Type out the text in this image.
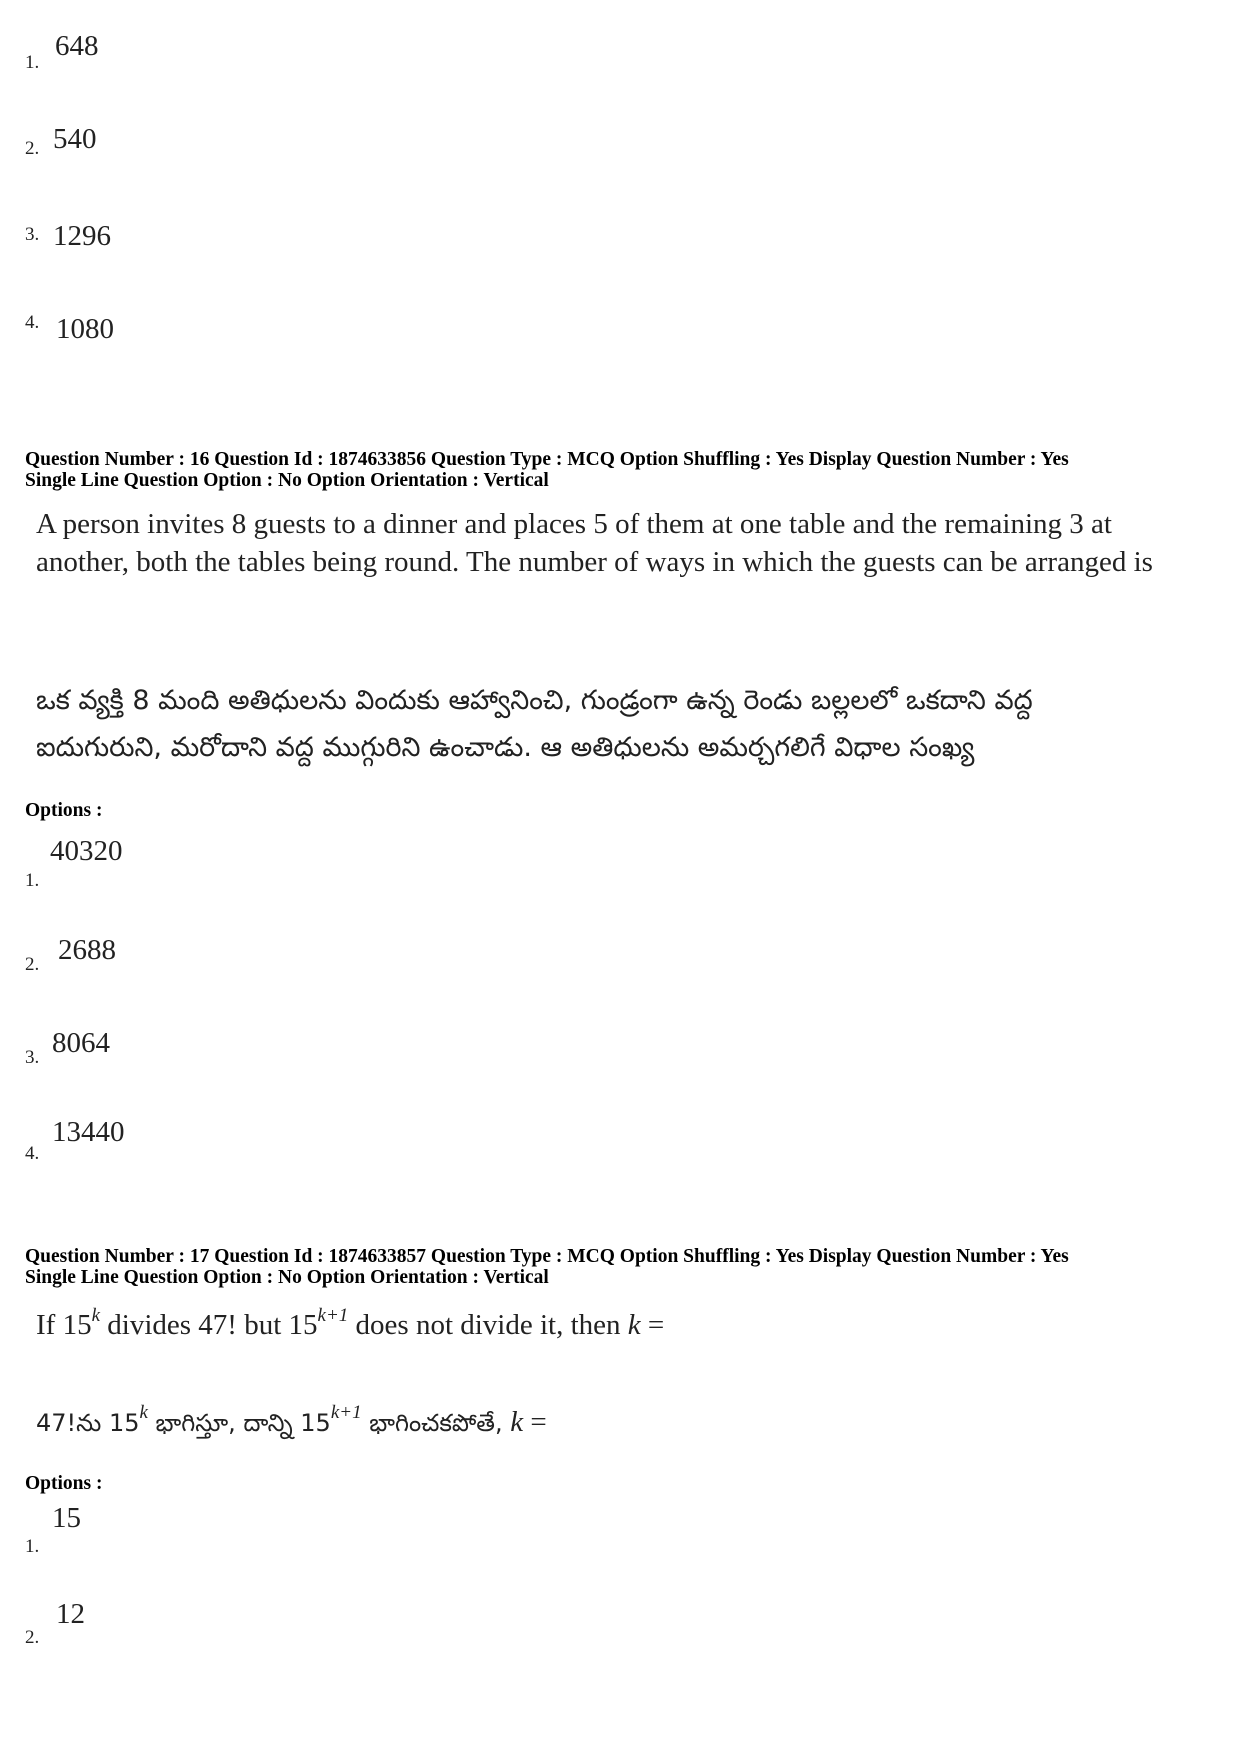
1.
648
2. 540
3. 1296
4. 1080
Question Number : 16 Question Id : 1874633856 Question Type : MCQ Option Shuffling : Yes Display Question Number : Yes
Single Line Question Option : No Option Orientation : Vertical
A person invites 8 guests to a dinner and places 5 of them at one table and the remaining 3 at another, both the tables being round. The number of ways in which the guests can be arranged is
ఒక వ్యక్తి 8 మంది అతిధులను విందుకు ఆహ్వానించి, గుండ్రంగా ఉన్న రెండు బల్లలలో ఒకదాని వద్ద
ఐదుగురుని, మరోదాని వద్ద ముగ్గురిని ఉంచాడు. ఆ అతిధులను అమర్చగలిగే విధాల సంఖ్య
Options :
1.
40320
2. 2688
3. 8064
4.
13440
Question Number : 17 Question Id : 1874633857 Question Type : MCQ Option Shuffling : Yes Display Question Number : Yes
Single Line Question Option : No Option Orientation : Vertical
If 15$^k$ divides 47! but $15^{k+1}$ does not divide it, then k =
47!ను 15$^k$ భాగిస్తూ, దాన్ని $15^{k+1}$ భాగించకపోతే, k =
Options :
1.
15
2.
12
